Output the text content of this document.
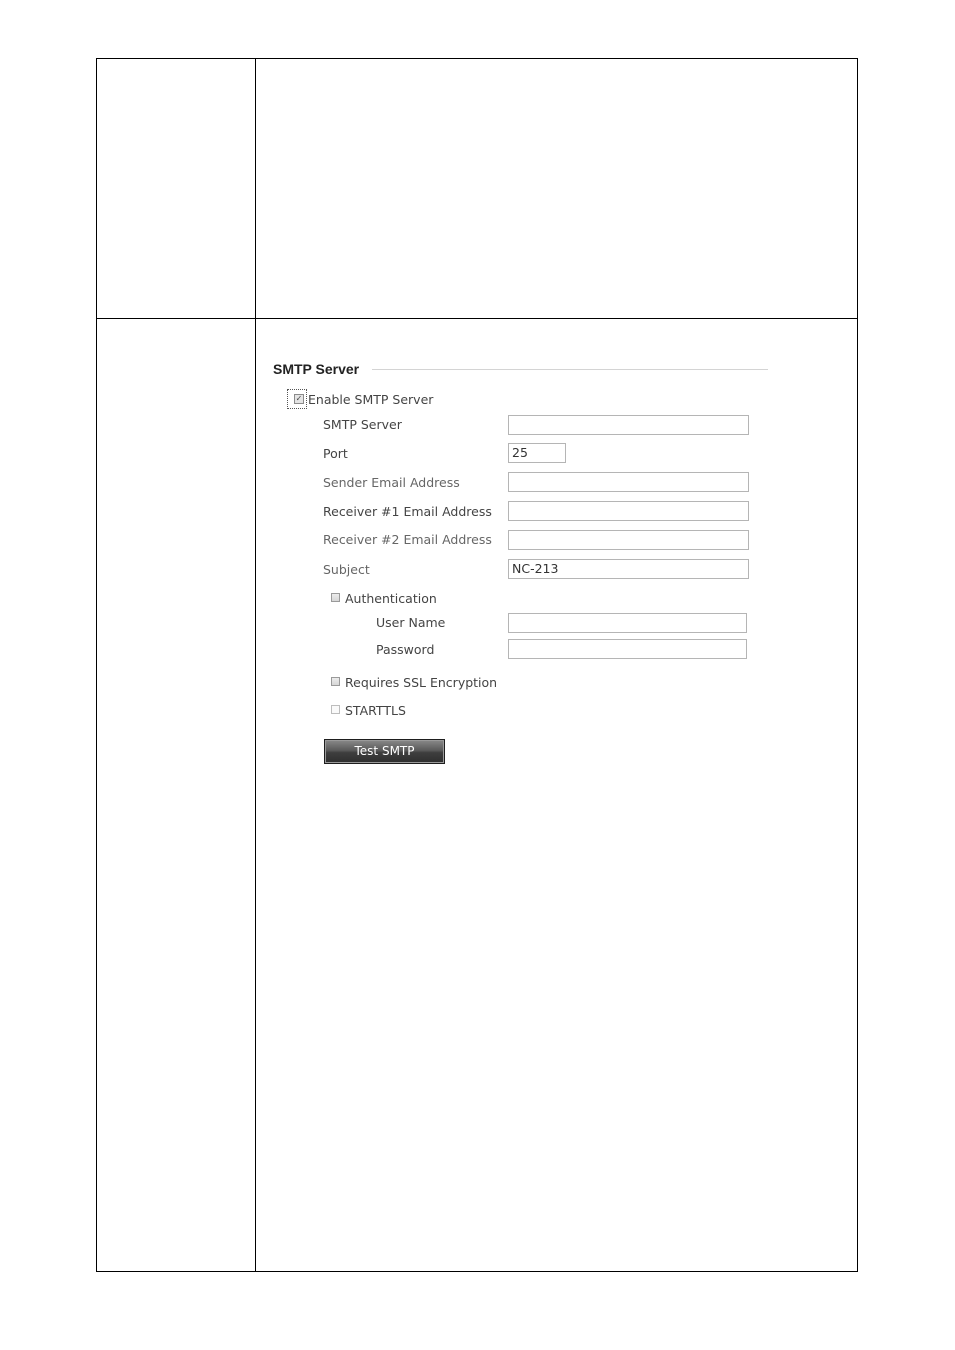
SMTP Server
✓ Enable SMTP Server
SMTP Server
Port	25
Sender Email Address
Receiver #1 Email Address
Receiver #2 Email Address
Subject	NC-213
Authentication
User Name
Password
Requires SSL Encryption
STARTTLS
Test SMTP
